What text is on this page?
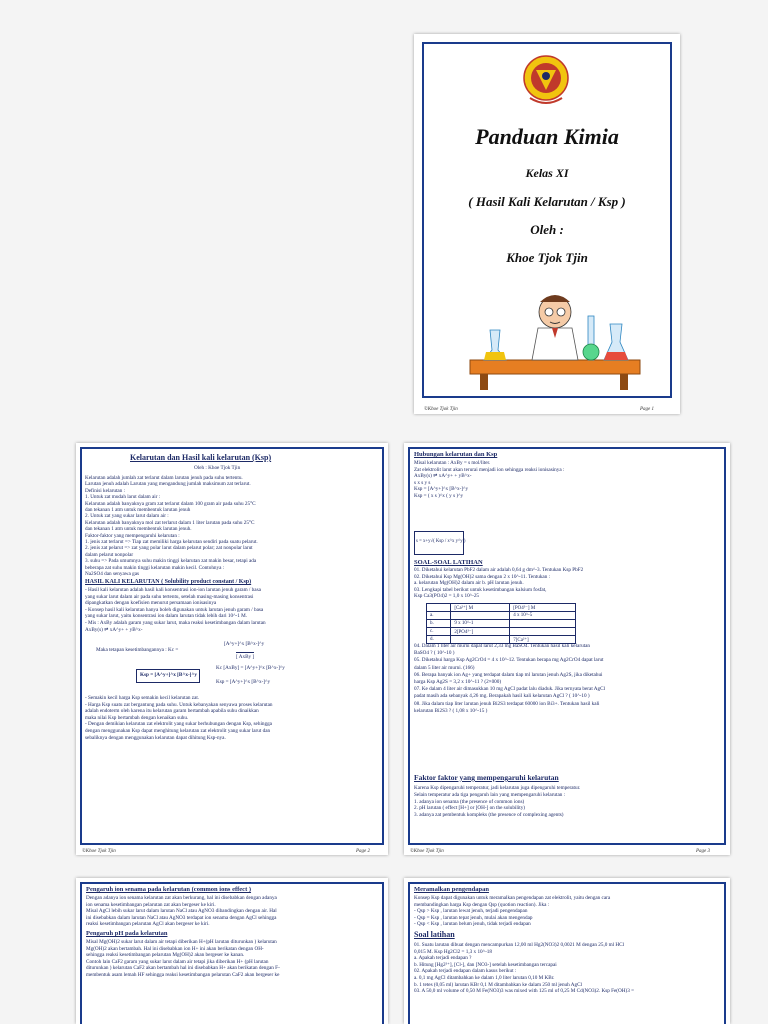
Panduan Kimia
Kelas XI
( Hasil Kali Kelarutan / Ksp )
Oleh :
Khoe Tjok Tjin
©Khoe Tjok Tjin	Page 1
Kelarutan dan Hasil kali kelarutan (Ksp)
Oleh : Khoe Tjok Tjin
Kelarutan adalah jumlah zat terlarut dalam larutan jenuh pada suhu tertentu.
Larutan jenuh adalah Larutan yang mengandung jumlah maksimum zat terlarut.
Definisi kelarutan :
1. Untuk zat mudah larut dalam air :
Kelarutan adalah banyaknya gram zat terlarut dalam 100 gram air pada suhu 25°C
dan tekanan 1 atm untuk membentuk larutan jenuh
2. Untuk zat yang sukar larut dalam air :
Kelarutan adalah banyaknya mol zat terlarut dalam 1 liter larutan pada suhu 25°C
dan tekanan 1 atm untuk membentuk larutan jenuh.
Faktor-faktor yang mempengaruhi kelarutan :
1. jenis zat terlarut => Tiap zat memiliki harga kelarutan sendiri pada suatu pelarut.
2. jenis zat pelarut => zat yang polar larut dalam pelarut polar; zat nonpolar larut
dalam pelarut nonpolar
3. suhu => Pada umumnya suhu makin tinggi kelarutan zat makin besar, tetapi ada
beberapa zat suhu makin tinggi kelarutan makin kecil. Contohnya :
Na2SO4 dan senyawa gas
HASIL KALI KELARUTAN ( Solubility product constant / Ksp)
- Hasil kali kelarutan adalah hasil kali konsentrasi ion-ion larutan jenuh garam / basa
yang sukar larut dalam air pada suhu tertentu, setelah masing-masing konsentrasi
dipangkatkan dengan koefisien menurut persamaan ionisasinya
- Konsep hasil kali kelarutan hanya boleh digunakan untuk larutan jenuh garam / basa
yang sukar larut, yaitu konsentrasi ion dalam larutan tidak lebih dari 10^-1 M.
- Mis : AxBy adalah garam yang sukar larut, maka reaksi kesetimbangan dalam larutan
AxBy(s) ⇌ xA^y+ + yB^x-
Maka tetapan kesetimbangannya : Kc =
[A^y+]^x [B^x-]^y
[ AxBy ]
Ksp = [A^y+]^x [B^x-]^y
Kc [AxBy] = [A^y+]^x [B^x-]^y
Ksp = [A^y+]^x [B^x-]^y
- Semakin kecil harga Ksp semakin kecil kelarutan zat.
- Harga Ksp suatu zat bergantung pada suhu. Untuk kebanyakan senyawa proses kelarutan
adalah endoterm oleh karena itu kelarutan garam bertambah apabila suhu dinaikkan
maka nilai Ksp bertambah dengan kenaikan suhu.
- Dengan demikian kelarutan zat elektrolit yang sukar berhubungan dengan Ksp, sehingga
dengan menggunakan Ksp dapat menghitung kelarutan zat elektrolit yang sukar larut dan
sebaliknya dengan menggunakan kelarutan dapat dihitung Ksp-nya.
©Khoe Tjok Tjin	Page 2
Hubungan kelarutan dan Ksp
Misal kelarutan : AxBy = s mol/liter.
Zat elektrolit larut akan terurai menjadi ion sehingga reaksi ionisasinya :
AxBy(s) ⇌ xA^y+ + yB^x-
s x s y s
Ksp = [A^y+]^x [B^x-]^y
Ksp = ( x s )^x ( y s )^y
s = x+y√( Ksp / x^x y^y )
SOAL-SOAL LATIHAN
01. Diketahui kelarutan PbF2 dalam air adalah 0,64 g dm^-3. Tentukan Ksp PbF2
02. Diketahui Ksp Mg(OH)2 sama dengan 2 x 10^-11. Tentukan :
a. kelarutan Mg(OH)2 dalam air b. pH larutan jenuh.
03. Lengkapi tabel berikut untuk kesetimbangan kalsium fosfat,
Ksp Ca3(PO4)2 = 1,0 x 10^-25
	[Ca²⁺] M	[PO4³⁻] M
a.		4 x 10^-5
b.	9 x 10^-1	
c.	2[PO4³⁻]	
d.		7[Ca²⁺]
04. Dalam 1 liter air murni dapat larut 2,33 mg BaSO4. Tentukan hasil kali kelarutan
BaSO4 ? ( 10^-10 )
05. Diketahui harga Ksp Ag2CrO4 = 4 x 10^-12. Tentukan berapa mg Ag2CrO4 dapat larut
dalam 5 liter air murni. (166)
06. Berapa banyak ion Ag+ yang terdapat dalam tiap ml larutan jenuh Ag2S, jika diketahui
harga Ksp Ag2S = 3,2 x 10^-11 ? (2×000)
07. Ke dalam 4 liter air dimasukkan 10 mg AgCl padat lalu diaduk. Jika ternyata berat AgCl
padat masih ada sebanyak 4,26 mg. Berapakah hasil kali kelarutan AgCl ? ( 10^-10 )
08. Jika dalam tiap liter larutan jenuh Bi2S3 terdapat 60000 ion Bi3+. Tentukan hasil kali
kelarutan Bi2S3 ? ( 1,08 x 10^-15 )
Faktor faktor yang mempengaruhi kelarutan
Karena Ksp dipengaruhi temperatur, jadi kelarutan juga dipengaruhi temperatur.
Selain temperatur ada tiga pengaruh lain yang mempengaruhi kelarutan :
1. adanya ion senama (the presence of common ions)
2. pH larutan ( effect [H+] or [OH-] on the solubility)
3. adanya zat pembentuk kompleks (the presence of complexing agents)
©Khoe Tjok Tjin	Page 3
Pengaruh ion senama pada kelarutan (common ions effect )
Dengan adanya ion senama kelarutan zat akan berkurang, hal ini disebabkan dengan adanya
ion senama kesetimbangan pelarutan zat akan bergeser ke kiri.
Misal AgCl lebih sukar larut dalam larutan NaCl atau AgNO3 dibandingkan dengan air. Hal
ini disebabkan dalam larutan NaCl atau AgNO3 terdapat ion senama dengan AgCl sehingga
reaksi kesetimbangan pelarutan AgCl akan bergeser ke kiri.
Pengaruh pH pada kelarutan
Misal Mg(OH)2 sukar larut dalam air tetapi diberikan H+(pH larutan diturunkan ) kelarutan
Mg(OH)2 akan bertambah. Hal ini disebabkan ion H+ ini akan berikatan dengan OH-
sehingga reaksi kesetimbangan pelarutan Mg(OH)2 akan bergeser ke kanan.
Contoh lain CaF2 garam yang sukar larut dalam air tetapi jika diberikan H+ (pH larutan
diturunkan ) kelarutan CaF2 akan bertambah hal ini disebabkan H+ akan berikatan dengan F-
membentuk asam lemah HF sehingga reaksi kesetimbangan pelarutan CaF2 akan bergeser ke
Meramalkan pengendapan
Konsep Ksp dapat digunakan untuk meramalkan pengendapan zat elektrolit, yaitu dengan cara
membandingkan harga Ksp dengan Qsp (quotion reaction). Jika :
- Qsp > Ksp , larutan lewat jenuh, terjadi pengendapan
- Qsp = Ksp , larutan tepat jenuh, mulai akan mengendap
- Qsp < Ksp , larutan belum jenuh, tidak terjadi endapan
Soal latihan
01. Suatu larutan dibuat dengan mencampurkan 12,00 ml Hg2(NO3)2 0,0021 M dengan 25,0 ml HCl
0,015 M. Ksp Hg2Cl2 = 1,3 x 10^-18
a. Apakah terjadi endapan ?
b. Hitung [Hg2²⁺], [Cl-], dan [NO3-] setelah kesetimbangan tercapai
02. Apakah terjadi endapan dalam kasus berikut :
a. 0,1 mg AgCl ditambahkan ke dalam 1,0 liter larutan 0,10 M KBr.
b. 1 tetes (0,05 ml) larutan KBr 0,1 M ditambahkan ke dalam 250 ml jenuh AgCl
03. A 50,0 ml volume of 0,50 M Fe(NO3)3 was mixed with 125 ml of 0,25 M Cd(NO3)2. Ksp Fe(OH)3 =
